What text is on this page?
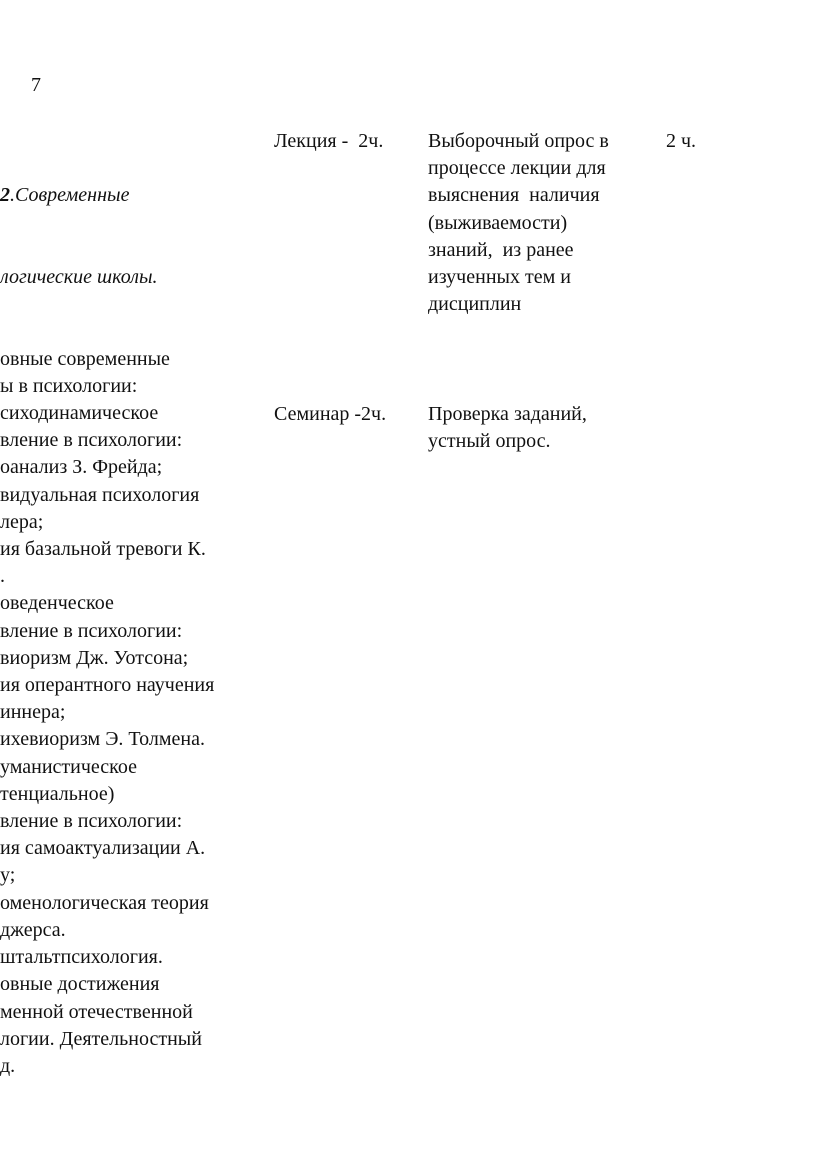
7

2.Современные

логические школы.

овные современные
ы в психологии:
сиходинамическое
вление в психологии:
оанализ З. Фрейда;
видуальная психология
лера;
ия базальной тревоги К.
.
оведенческое
вление в психологии:
виоризм Дж. Уотсона;
ия оперантного научения
иннера;
ихевиоризм Э. Толмена.
уманистическое
тенциальное)
вление в психологии:
ия самоактуализации А.
у;
оменологическая теория
джерса.
штальтпсихология.
овные достижения
менной отечественной
логии. Деятельностный
д.

Лекция -  2ч.	Выборочный опрос в
процессе лекции для
выяснения  наличия
(выживаемости)
знаний,  из ранее
изученных тем и
дисциплин
2 ч.
Семинар -2ч.	Проверка заданий,
устный опрос.
